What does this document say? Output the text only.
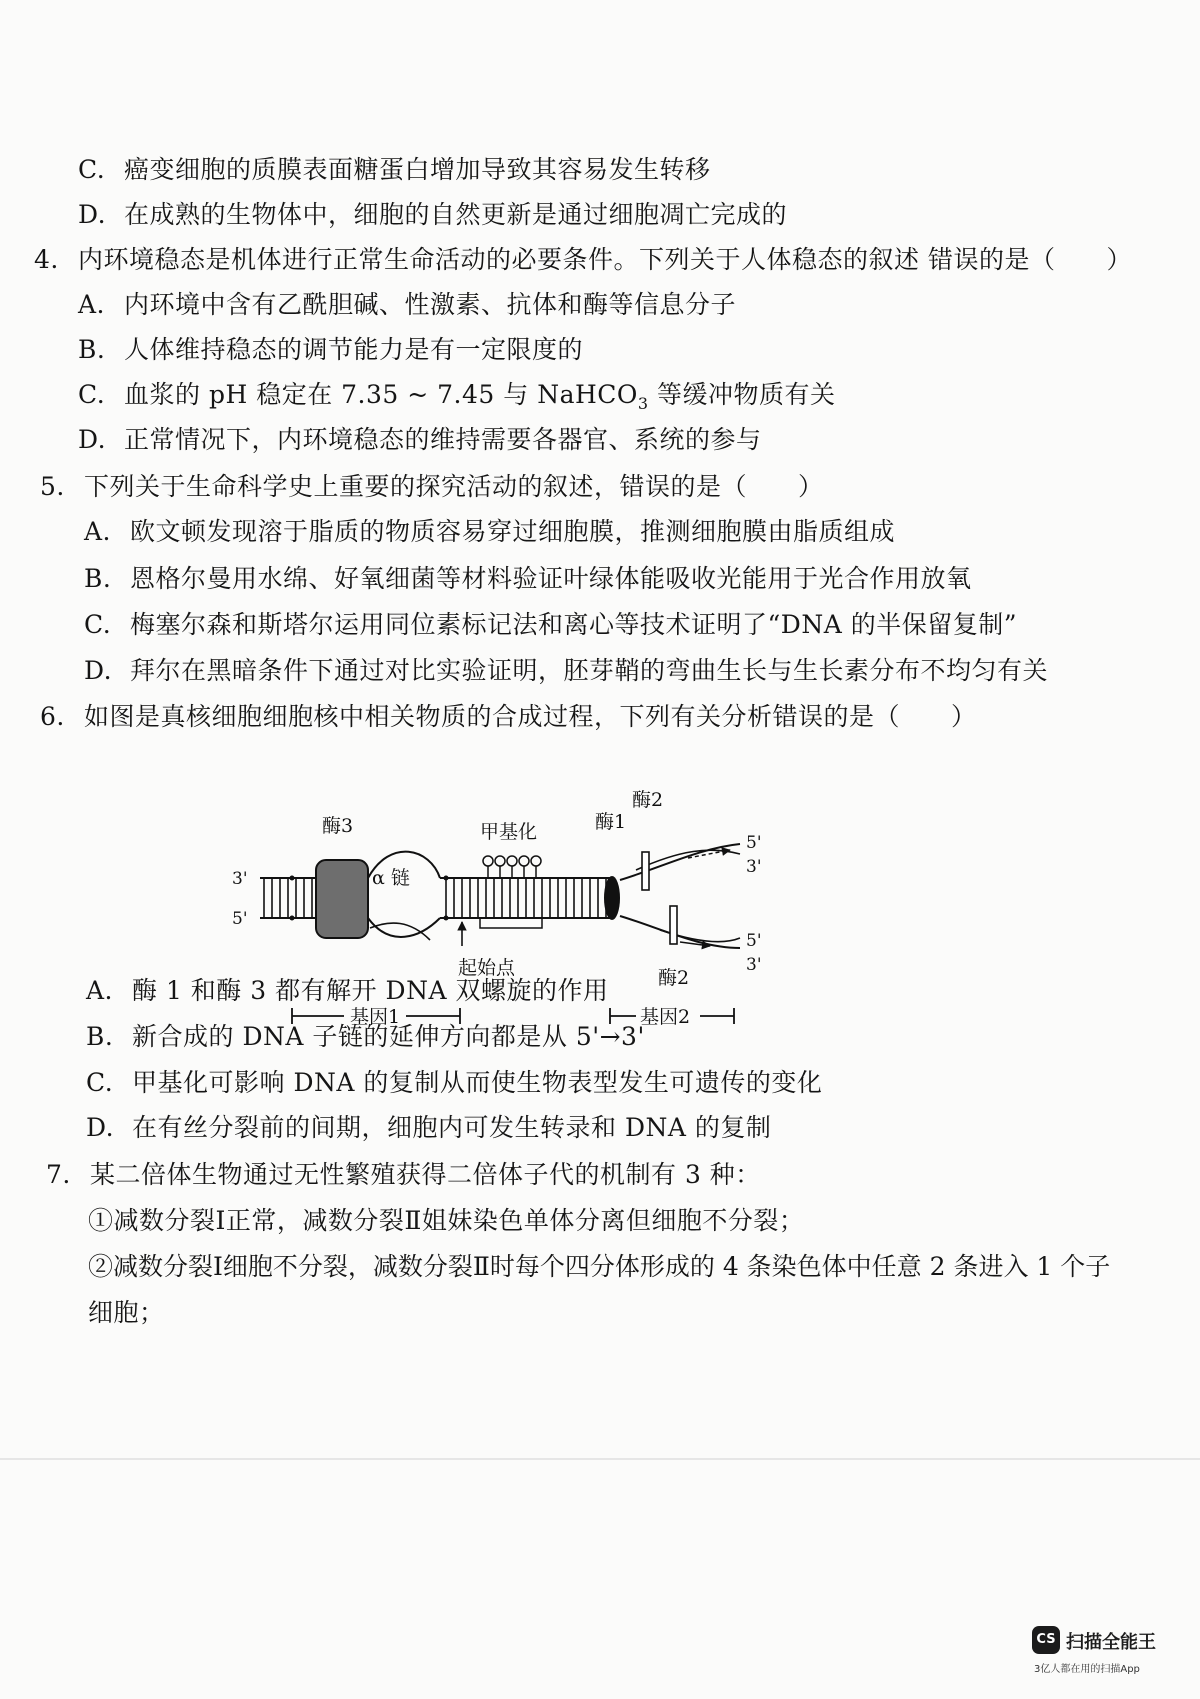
C. 癌变细胞的质膜表面糖蛋白增加导致其容易发生转移
D. 在成熟的生物体中，细胞的自然更新是通过细胞凋亡完成的
4. 内环境稳态是机体进行正常生命活动的必要条件。下列关于人体稳态的叙述 错误的是（　　）
A. 内环境中含有乙酰胆碱、性激素、抗体和酶等信息分子
B. 人体维持稳态的调节能力是有一定限度的
C. 血浆的 pH 稳定在 7.35 ~ 7.45 与 NaHCO$_3$ 等缓冲物质有关
D. 正常情况下，内环境稳态的维持需要各器官、系统的参与
5. 下列关于生命科学史上重要的探究活动的叙述，错误的是（　　）
A. 欧文顿发现溶于脂质的物质容易穿过细胞膜，推测细胞膜由脂质组成
B. 恩格尔曼用水绵、好氧细菌等材料验证叶绿体能吸收光能用于光合作用放氧
C. 梅塞尔森和斯塔尔运用同位素标记法和离心等技术证明了“DNA 的半保留复制”
D. 拜尔在黑暗条件下通过对比实验证明，胚芽鞘的弯曲生长与生长素分布不均匀有关
6. 如图是真核细胞细胞核中相关物质的合成过程，下列有关分析错误的是（　　）
酶3
α 链
甲基化
起始点
酶1
酶2
酶2
3'
5'
5'
3'
5'
3'
基因1	基因2
A. 酶 1 和酶 3 都有解开 DNA 双螺旋的作用
B. 新合成的 DNA 子链的延伸方向都是从 5'→3'
C. 甲基化可影响 DNA 的复制从而使生物表型发生可遗传的变化
D. 在有丝分裂前的间期，细胞内可发生转录和 DNA 的复制
7. 某二倍体生物通过无性繁殖获得二倍体子代的机制有 3 种：
①减数分裂Ⅰ正常，减数分裂Ⅱ姐妹染色单体分离但细胞不分裂；
②减数分裂Ⅰ细胞不分裂，减数分裂Ⅱ时每个四分体形成的 4 条染色体中任意 2 条进入 1 个子
细胞；
CS 扫描全能王
3亿人都在用的扫描App
